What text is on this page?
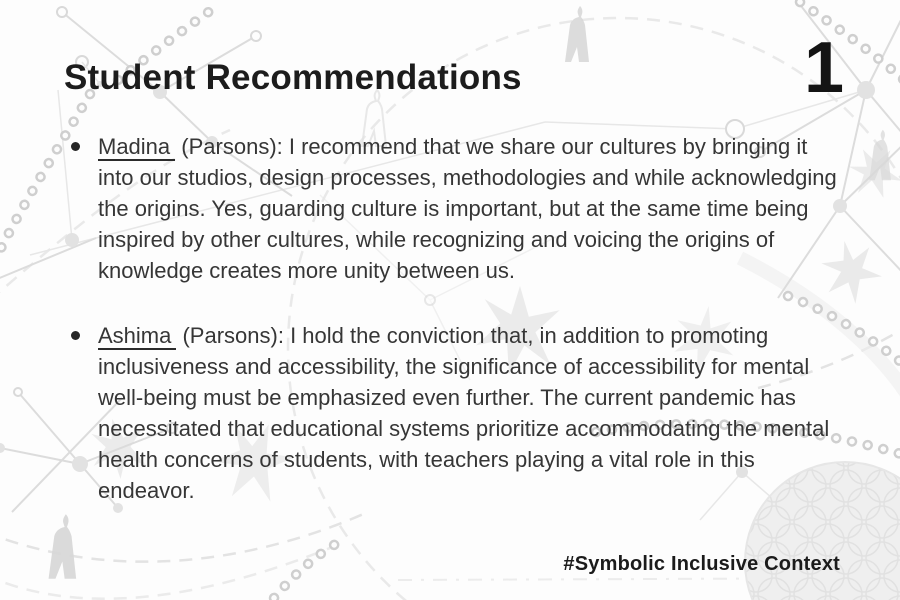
Student Recommendations	1
Madina (Parsons): I recommend that we share our cultures by bringing it into our studios, design processes, methodologies and while acknowledging the origins. Yes, guarding culture is important, but at the same time being inspired by other cultures, while recognizing and voicing the origins of knowledge creates more unity between us.
Ashima (Parsons): I hold the conviction that, in addition to promoting inclusiveness and accessibility, the significance of accessibility for mental well-being must be emphasized even further. The current pandemic has necessitated that educational systems prioritize accommodating the mental health concerns of students, with teachers playing a vital role in this endeavor.
#Symbolic Inclusive Context
